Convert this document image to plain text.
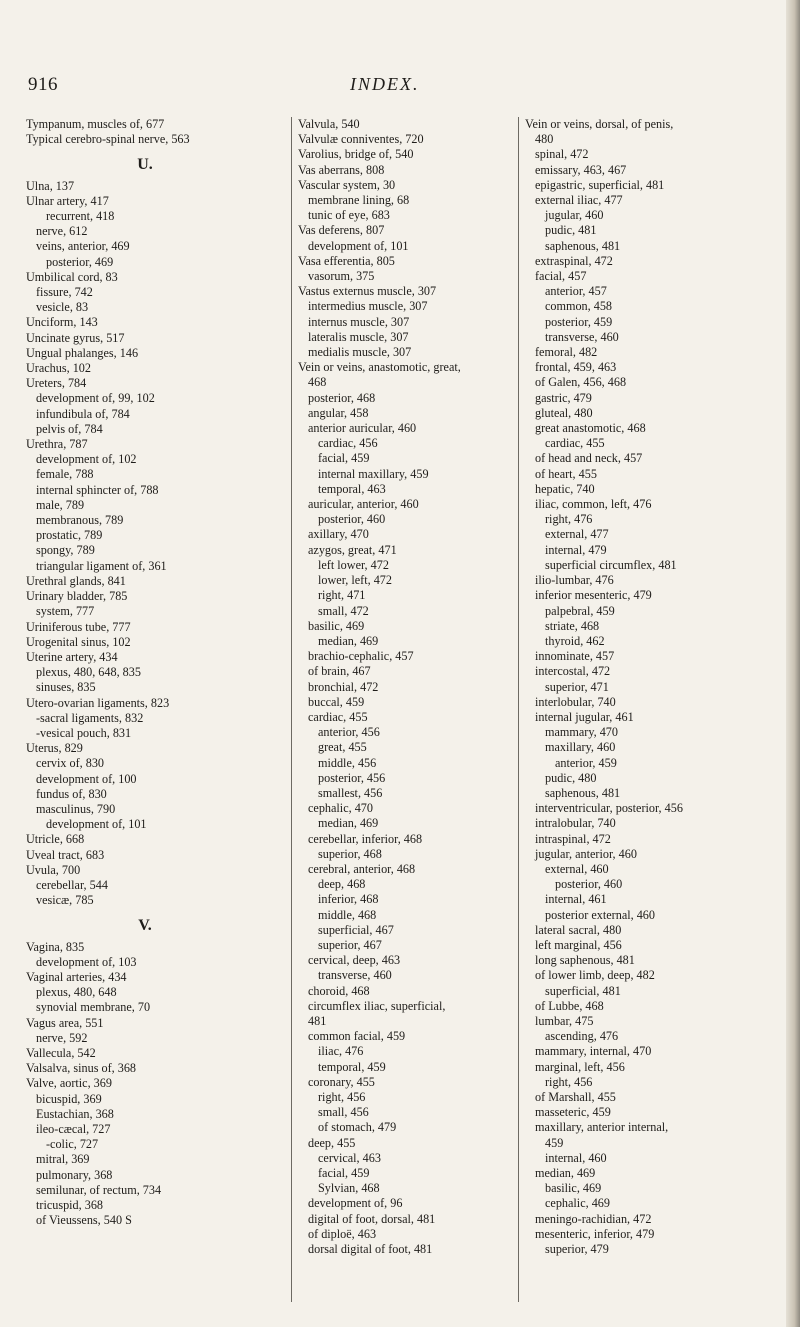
916	INDEX.
Tympanum, muscles of, 677
Typical cerebro-spinal nerve, 563
U.
Ulna, 137
Ulnar artery, 417
recurrent, 418
nerve, 612
veins, anterior, 469
posterior, 469
Umbilical cord, 83
fissure, 742
vesicle, 83
Unciform, 143
Uncinate gyrus, 517
Ungual phalanges, 146
Urachus, 102
Ureters, 784
development of, 99, 102
infundibula of, 784
pelvis of, 784
Urethra, 787
development of, 102
female, 788
internal sphincter of, 788
male, 789
membranous, 789
prostatic, 789
spongy, 789
triangular ligament of, 361
Urethral glands, 841
Urinary bladder, 785
system, 777
Uriniferous tube, 777
Urogenital sinus, 102
Uterine artery, 434
plexus, 480, 648, 835
sinuses, 835
Utero-ovarian ligaments, 823
-sacral ligaments, 832
-vesical pouch, 831
Uterus, 829
cervix of, 830
development of, 100
fundus of, 830
masculinus, 790
development of, 101
Utricle, 668
Uveal tract, 683
Uvula, 700
cerebellar, 544
vesicæ, 785
V.
Vagina, 835
development of, 103
Vaginal arteries, 434
plexus, 480, 648
synovial membrane, 70
Vagus area, 551
nerve, 592
Vallecula, 542
Valsalva, sinus of, 368
Valve, aortic, 369
bicuspid, 369
Eustachian, 368
ileo-cæcal, 727
-colic, 727
mitral, 369
pulmonary, 368
semilunar, of rectum, 734
tricuspid, 368
of Vieussens, 540 S
Valvula, 540
Valvulæ conniventes, 720
Varolius, bridge of, 540
Vas aberrans, 808
Vascular system, 30
membrane lining, 68
tunic of eye, 683
Vas deferens, 807
development of, 101
Vasa efferentia, 805
vasorum, 375
Vastus externus muscle, 307
intermedius muscle, 307
internus muscle, 307
lateralis muscle, 307
medialis muscle, 307
Vein or veins, anastomotic, great,
468
posterior, 468
angular, 458
anterior auricular, 460
cardiac, 456
facial, 459
internal maxillary, 459
temporal, 463
auricular, anterior, 460
posterior, 460
axillary, 470
azygos, great, 471
left lower, 472
lower, left, 472
right, 471
small, 472
basilic, 469
median, 469
brachio-cephalic, 457
of brain, 467
bronchial, 472
buccal, 459
cardiac, 455
anterior, 456
great, 455
middle, 456
posterior, 456
smallest, 456
cephalic, 470
median, 469
cerebellar, inferior, 468
superior, 468
cerebral, anterior, 468
deep, 468
inferior, 468
middle, 468
superficial, 467
superior, 467
cervical, deep, 463
transverse, 460
choroid, 468
circumflex iliac, superficial,
481
common facial, 459
iliac, 476
temporal, 459
coronary, 455
right, 456
small, 456
of stomach, 479
deep, 455
cervical, 463
facial, 459
Sylvian, 468
development of, 96
digital of foot, dorsal, 481
of diploë, 463
dorsal digital of foot, 481
Vein or veins, dorsal, of penis,
480
spinal, 472
emissary, 463, 467
epigastric, superficial, 481
external iliac, 477
jugular, 460
pudic, 481
saphenous, 481
extraspinal, 472
facial, 457
anterior, 457
common, 458
posterior, 459
transverse, 460
femoral, 482
frontal, 459, 463
of Galen, 456, 468
gastric, 479
gluteal, 480
great anastomotic, 468
cardiac, 455
of head and neck, 457
of heart, 455
hepatic, 740
iliac, common, left, 476
right, 476
external, 477
internal, 479
superficial circumflex, 481
ilio-lumbar, 476
inferior mesenteric, 479
palpebral, 459
striate, 468
thyroid, 462
innominate, 457
intercostal, 472
superior, 471
interlobular, 740
internal jugular, 461
mammary, 470
maxillary, 460
anterior, 459
pudic, 480
saphenous, 481
interventricular, posterior, 456
intralobular, 740
intraspinal, 472
jugular, anterior, 460
external, 460
posterior, 460
internal, 461
posterior external, 460
lateral sacral, 480
left marginal, 456
long saphenous, 481
of lower limb, deep, 482
superficial, 481
of Lubbe, 468
lumbar, 475
ascending, 476
mammary, internal, 470
marginal, left, 456
right, 456
of Marshall, 455
masseteric, 459
maxillary, anterior internal,
459
internal, 460
median, 469
basilic, 469
cephalic, 469
meningo-rachidian, 472
mesenteric, inferior, 479
superior, 479
